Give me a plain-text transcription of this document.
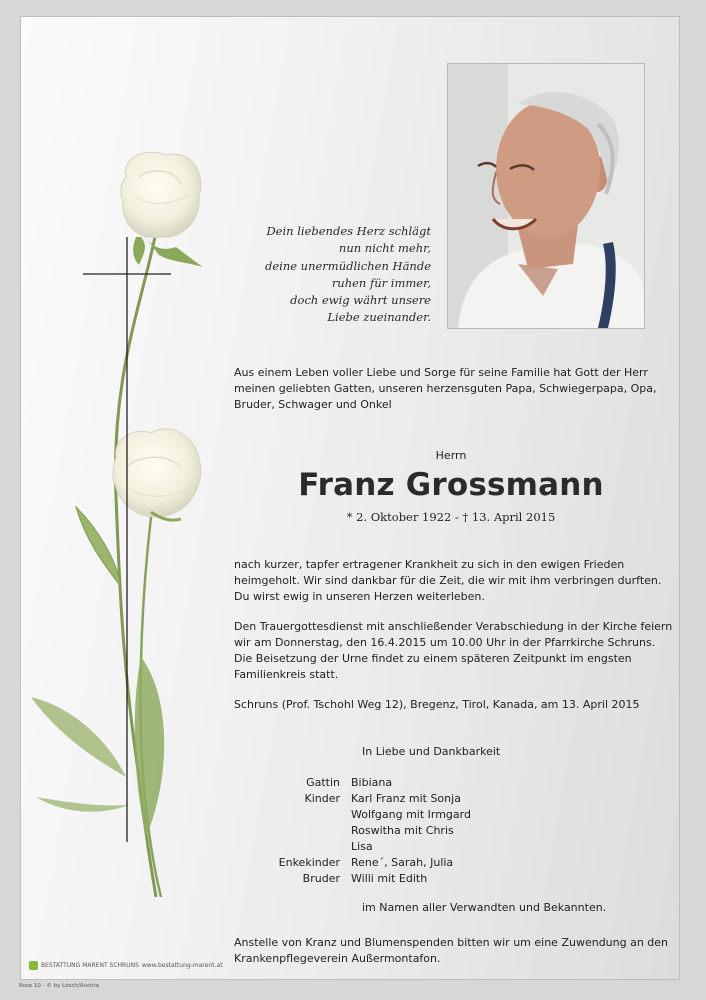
Dein liebendes Herz schlägt
nun nicht mehr,
deine unermüdlichen Hände
ruhen für immer,
doch ewig währt unsere
Liebe zueinander.
Aus einem Leben voller Liebe und Sorge für seine Familie hat Gott der Herr
meinen geliebten Gatten, unseren herzensguten Papa, Schwiegerpapa, Opa,
Bruder, Schwager und Onkel
Herrn
Franz Grossmann
* 2. Oktober 1922 - † 13. April 2015
nach kurzer, tapfer ertragener Krankheit zu sich in den ewigen Frieden
heimgeholt. Wir sind dankbar für die Zeit, die wir mit ihm verbringen durften.
Du wirst ewig in unseren Herzen weiterleben.
Den Trauergottesdienst mit anschließender Verabschiedung in der Kirche feiern
wir am Donnerstag, den 16.4.2015 um 10.00 Uhr in der Pfarrkirche Schruns.
Die Beisetzung der Urne findet zu einem späteren Zeitpunkt im engsten
Familienkreis statt.
Schruns (Prof. Tschohl Weg 12), Bregenz, Tirol, Kanada, am 13. April 2015
In Liebe und Dankbarkeit
Gattin	Bibiana
Kinder	Karl Franz mit Sonja
Wolfgang mit Irmgard
Roswitha mit Chris
Lisa
Enkekinder	Rene´, Sarah, Julia
Bruder	Willi mit Edith
im Namen aller Verwandten und Bekannten.
Anstelle von Kranz und Blumenspenden bitten wir um eine Zuwendung an den
Krankenpflegeverein Außermontafon.
BESTATTUNG MARENT SCHRUNS www.bestattung-marent.at
Rose 10 - © by Lösch/Austria
